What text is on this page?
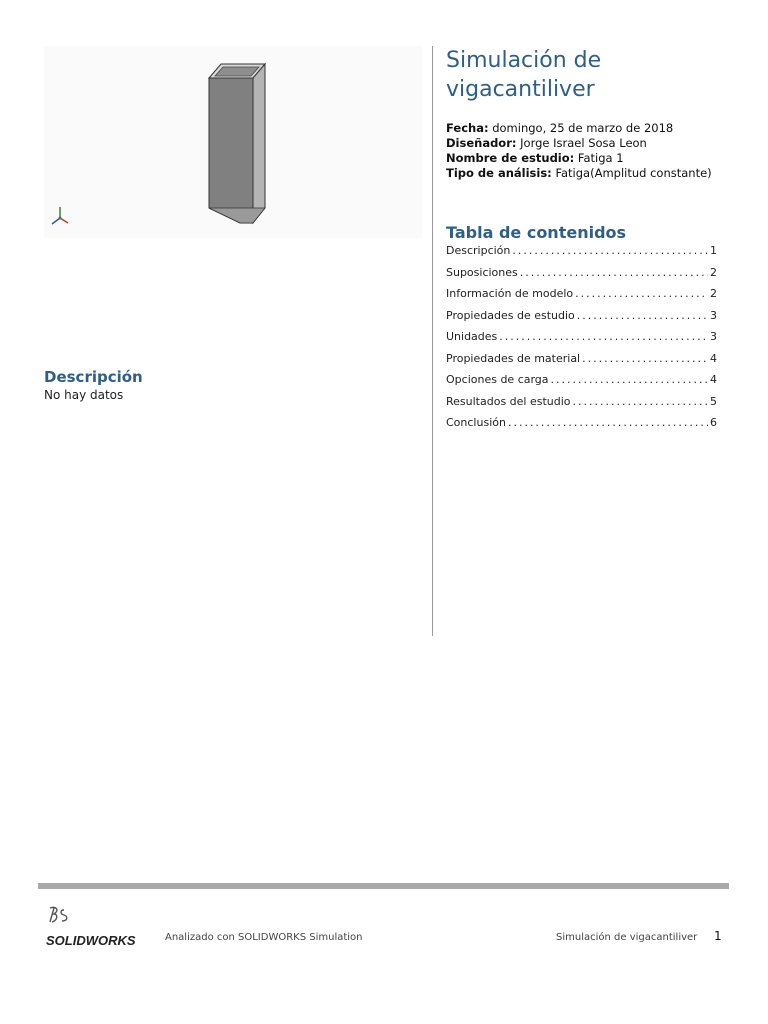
Simulación de vigacantiliver
Fecha: domingo, 25 de marzo de 2018
Diseñador: Jorge Israel Sosa Leon
Nombre de estudio: Fatiga 1
Tipo de análisis: Fatiga(Amplitud constante)
Tabla de contenidos
Descripción .....	1
Suposiciones .....	2
Información de modelo .....	2
Propiedades de estudio .....	3
Unidades .....	3
Propiedades de material .....	4
Opciones de carga .....	4
Resultados del estudio .....	5
Conclusión .....	6
Descripción
No hay datos
SOLIDWORKS	Analizado con SOLIDWORKS Simulation	Simulación de vigacantiliver 1
